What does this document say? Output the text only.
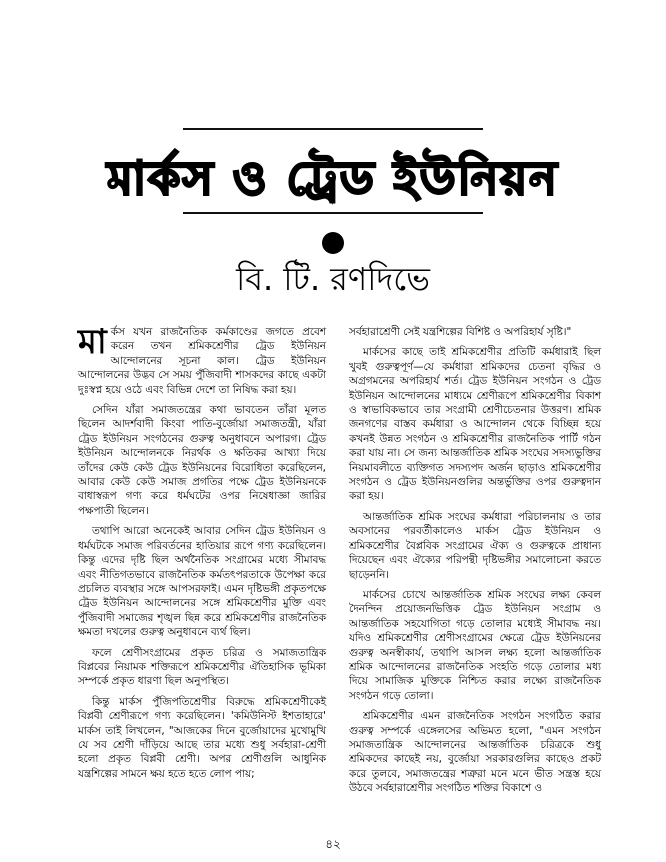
মার্কস ও ট্রেড ইউনিয়ন
বি. টি. রণদিভে

মার্কস যখন রাজনৈতিক কর্মকাণ্ডের জগতে প্রবেশ করেন তখন শ্রমিকশ্রেণীর ট্রেড ইউনিয়ন আন্দোলনের সূচনা কাল। ট্রেড ইউনিয়ন আন্দোলনের উদ্ভব সে সময় পুঁজিবাদী শাসকদের কাছে একটা দুঃস্বপ্ন হয়ে ওঠে এবং বিভিন্ন দেশে তা নিষিদ্ধ করা হয়।

সেদিন যাঁরা সমাজতন্ত্রের কথা ভাবতেন তাঁরা মূলত ছিলেন আদর্শবাদী কিংবা পাতি-বুর্জোয়া সমাজতন্ত্রী, যাঁরা ট্রেড ইউনিয়ন সংগঠনের গুরুত্ব অনুধাবনে অপারগ। ট্রেড ইউনিয়ন আন্দোলনকে নিরর্থক ও ক্ষতিকর আখ্যা দিয়ে তাঁদের কেউ কেউ ট্রেড ইউনিয়নের বিরোধিতা করেছিলেন, আবার কেউ কেউ সমাজ প্রগতির পক্ষে ট্রেড ইউনিয়নকে বাধাস্বরূপ গণ্য করে ধর্মঘটের ওপর নিষেধাজ্ঞা জারির পক্ষপাতী ছিলেন।

তথাপি আরো অনেকেই আবার সেদিন ট্রেড ইউনিয়ন ও ধর্মঘটকে সমাজ পরিবর্তনের হাতিয়ার রূপে গণ্য করেছিলেন। কিন্তু এদের দৃষ্টি ছিল অর্থনৈতিক সংগ্রামের মধ্যে সীমাবদ্ধ এবং নীতিগতভাবে রাজনৈতিক কর্মতৎপরতাকে উপেক্ষা করে প্রচলিত ব্যবস্থার সঙ্গে আপসরফাই। এমন দৃষ্টিভঙ্গী প্রকৃতপক্ষে ট্রেড ইউনিয়ন আন্দোলনের সঙ্গে শ্রমিকশ্রেণীর মুক্তি এবং পুঁজিবাদী সমাজের শৃঙ্খল ছিন্ন করে শ্রমিকশ্রেণীর রাজনৈতিক ক্ষমতা দখলের গুরুত্ব অনুধাবনে ব্যর্থ ছিল।

ফলে শ্রেণীসংগ্রামের প্রকৃত চরিত্র ও সমাজতান্ত্রিক বিপ্লবের নিয়ামক শক্তিরূপে শ্রমিকশ্রেণীর ঐতিহাসিক ভূমিকা সম্পর্কে প্রকৃত ধারণা ছিল অনুপস্থিত।

কিন্তু মার্কস পুঁজিপতিশ্রেণীর বিরুদ্ধে শ্রমিকশ্রেণীকেই বিপ্লবী শ্রেণীরূপে গণ্য করেছিলেন। 'কমিউনিস্ট ইশতাহারে' মার্কস তাই লিখলেন, "আজকের দিনে বুর্জোয়াদের মুখোমুখি যে সব শ্রেণী দাঁড়িয়ে আছে তার মধ্যে শুধু সর্বহারা-শ্রেণী হলো প্রকৃত বিপ্লবী শ্রেণী। অপর শ্রেণীগুলি আধুনিক যন্ত্রশিল্পের সামনে ক্ষয় হতে হতে লোপ পায়;

সর্বহারাশ্রেণী সেই যন্ত্রশিল্পের বিশিষ্ট ও অপরিহার্য সৃষ্টি।"

মার্কসের কাছে তাই শ্রমিকশ্রেণীর প্রতিটি কর্মধারাই ছিল খুবই গুরুত্বপূর্ণ—যে কর্মধারা শ্রমিকদের চেতনা বৃদ্ধির ও অগ্রগমনের অপরিহার্য শর্ত। ট্রেড ইউনিয়ন সংগঠন ও ট্রেড ইউনিয়ন আন্দোলনের মাধ্যমে শ্রেণীরূপে শ্রমিকশ্রেণীর বিকাশ ও স্বাভাবিকভাবে তার সংগ্রামী শ্রেণীচেতনার উত্তরণ। শ্রমিক জনগণের বাস্তব কর্মধারা ও আন্দোলন থেকে বিচ্ছিন্ন হয়ে কখনই উন্নত সংগঠন ও শ্রমিকশ্রেণীর রাজনৈতিক পার্টি গঠন করা যায় না। সে জন্য আন্তর্জাতিক শ্রমিক সংঘের সদস্যভুক্তির নিয়মাবলীতে ব্যক্তিগত সদস্যপদ অর্জন ছাড়াও শ্রমিকশ্রেণীর সংগঠন ও ট্রেড ইউনিয়নগুলির অন্তর্ভুক্তির ওপর গুরুত্বদান করা হয়।

আন্তর্জাতিক শ্রমিক সংঘের কর্মধারা পরিচালনায় ও তার অবসানের পরবর্তীকালেও মার্কস ট্রেড ইউনিয়ন ও শ্রমিকশ্রেণীর বৈপ্লবিক সংগ্রামের ঐক্য ও গুরুত্বকে প্রাধান্য দিয়েছেন এবং ঐক্যের পরিপন্থী দৃষ্টিভঙ্গীর সমালোচনা করতে ছাড়েননি।

মার্কসের চোখে আন্তর্জাতিক শ্রমিক সংঘের লক্ষ্য কেবল দৈনন্দিন প্রয়োজনভিত্তিক ট্রেড ইউনিয়ন সংগ্রাম ও আন্তর্জাতিক সহযোগিতা গড়ে তোলার মধ্যেই সীমাবদ্ধ নয়। যদিও শ্রমিকশ্রেণীর শ্রেণীসংগ্রামের ক্ষেত্রে ট্রেড ইউনিয়নের গুরুত্ব অনস্বীকার্য, তথাপি আসল লক্ষ্য হলো আন্তর্জাতিক শ্রমিক আন্দোলনের রাজনৈতিক সংহতি গড়ে তোলার মধ্য দিয়ে সামাজিক মুক্তিকে নিশ্চিত করার লক্ষ্যে রাজনৈতিক সংগঠন গড়ে তোলা।

শ্রমিকশ্রেণীর এমন রাজনৈতিক সংগঠন সংগঠিত করার গুরুত্ব সম্পর্কে এঙ্গেলসের অভিমত হলো, "এমন সংগঠন সমাজতান্ত্রিক আন্দোলনের আন্তর্জাতিক চরিত্রকে শুধু শ্রমিকদের কাছেই নয়, বুর্জোয়া সরকারগুলির কাছেও প্রকট করে তুলবে, সমাজতন্ত্রের শত্রুরা মনে মনে ভীত সন্ত্রস্ত হয়ে উঠবে সর্বহারাশ্রেণীর সংগঠিত শক্তির বিকাশে ও

৪২
